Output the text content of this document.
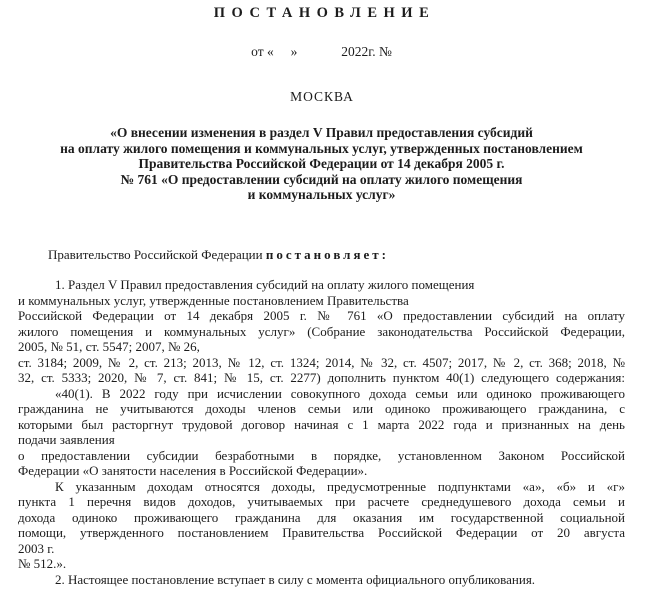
ПОСТАНОВЛЕНИЕ
от «     »             2022г. №
МОСКВА
«О внесении изменения в раздел V Правил предоставления субсидий
на оплату жилого помещения и коммунальных услуг, утвержденных постановлением
Правительства Российской Федерации от 14 декабря 2005 г.
№ 761 «О предоставлении субсидий на оплату жилого помещения
и коммунальных услуг»
Правительство Российской Федерации постановляет:
1. Раздел V Правил предоставления субсидий на оплату жилого помещения
и коммунальных услуг, утвержденные постановлением Правительства
Российской Федерации от 14 декабря 2005 г. № 761 «О предоставлении субсидий на оплату
жилого помещения и коммунальных услуг» (Собрание законодательства Российской Федерации,
2005, № 51, ст. 5547; 2007, № 26,
ст. 3184; 2009, № 2, ст. 213; 2013, № 12, ст. 1324; 2014, № 32, ст. 4507; 2017, № 2, ст. 368; 2018, №
32, ст. 5333; 2020, № 7, ст. 841; № 15, ст. 2277) дополнить пунктом 40(1) следующего содержания:
«40(1). В 2022 году при исчислении совокупного дохода семьи или одиноко проживающего
гражданина не учитываются доходы членов семьи или одиноко проживающего гражданина, с
которыми был расторгнут трудовой договор начиная с 1 марта 2022 года и признанных на день
подачи заявления
о предоставлении субсидии безработными в порядке, установленном Законом Российской
Федерации «О занятости населения в Российской Федерации».
К указанным доходам относятся доходы, предусмотренные подпунктами «а», «б» и «г»
пункта 1 перечня видов доходов, учитываемых при расчете среднедушевого дохода семьи и
дохода одиноко проживающего гражданина для оказания им государственной социальной
помощи, утвержденного постановлением Правительства Российской Федерации от 20 августа
2003 г.
№ 512.».
2. Настоящее постановление вступает в силу с момента официального опубликования.
